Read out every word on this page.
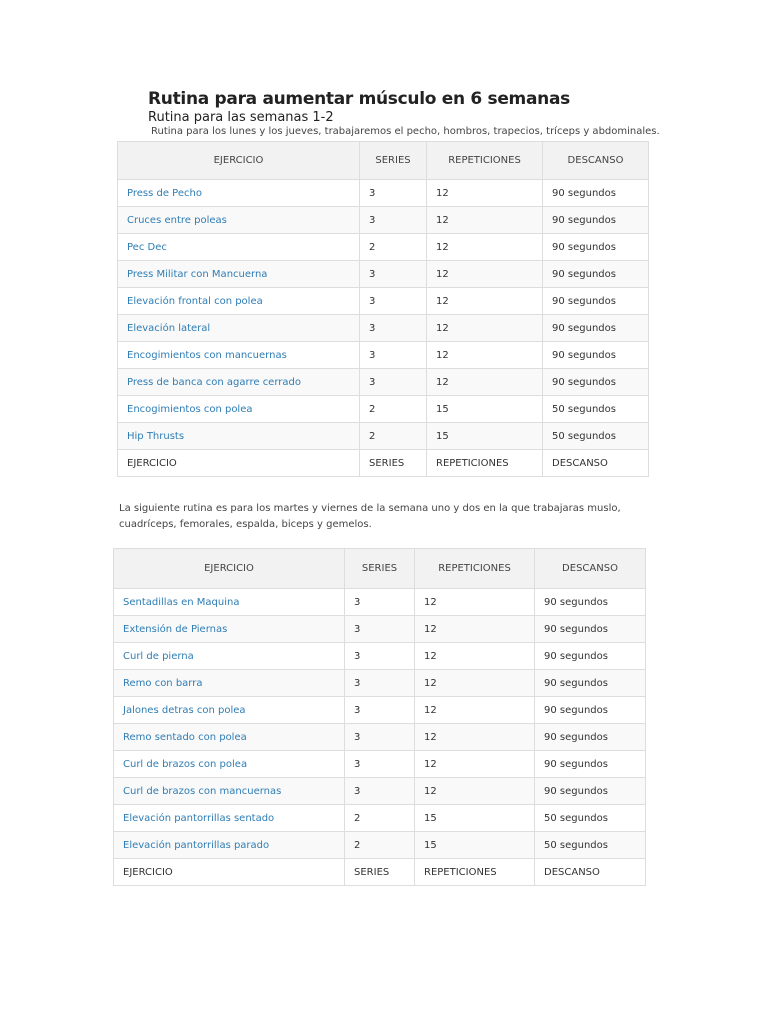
Rutina para aumentar músculo en 6 semanas
Rutina para las semanas 1-2
Rutina para los lunes y los jueves, trabajaremos el pecho, hombros, trapecios, tríceps y abdominales.
EJERCICIO	SERIES	REPETICIONES	DESCANSO
Press de Pecho	3	12	90 segundos
Cruces entre poleas	3	12	90 segundos
Pec Dec	2	12	90 segundos
Press Militar con Mancuerna	3	12	90 segundos
Elevación frontal con polea	3	12	90 segundos
Elevación lateral	3	12	90 segundos
Encogimientos con mancuernas	3	12	90 segundos
Press de banca con agarre cerrado	3	12	90 segundos
Encogimientos con polea	2	15	50 segundos
Hip Thrusts	2	15	50 segundos
EJERCICIO	SERIES	REPETICIONES	DESCANSO
La siguiente rutina es para los martes y viernes de la semana uno y dos en la que trabajaras muslo, cuadríceps, femorales, espalda, biceps y gemelos.
EJERCICIO	SERIES	REPETICIONES	DESCANSO
Sentadillas en Maquina	3	12	90 segundos
Extensión de Piernas	3	12	90 segundos
Curl de pierna	3	12	90 segundos
Remo con barra	3	12	90 segundos
Jalones detras con polea	3	12	90 segundos
Remo sentado con polea	3	12	90 segundos
Curl de brazos con polea	3	12	90 segundos
Curl de brazos con mancuernas	3	12	90 segundos
Elevación pantorrillas sentado	2	15	50 segundos
Elevación pantorrillas parado	2	15	50 segundos
EJERCICIO	SERIES	REPETICIONES	DESCANSO
